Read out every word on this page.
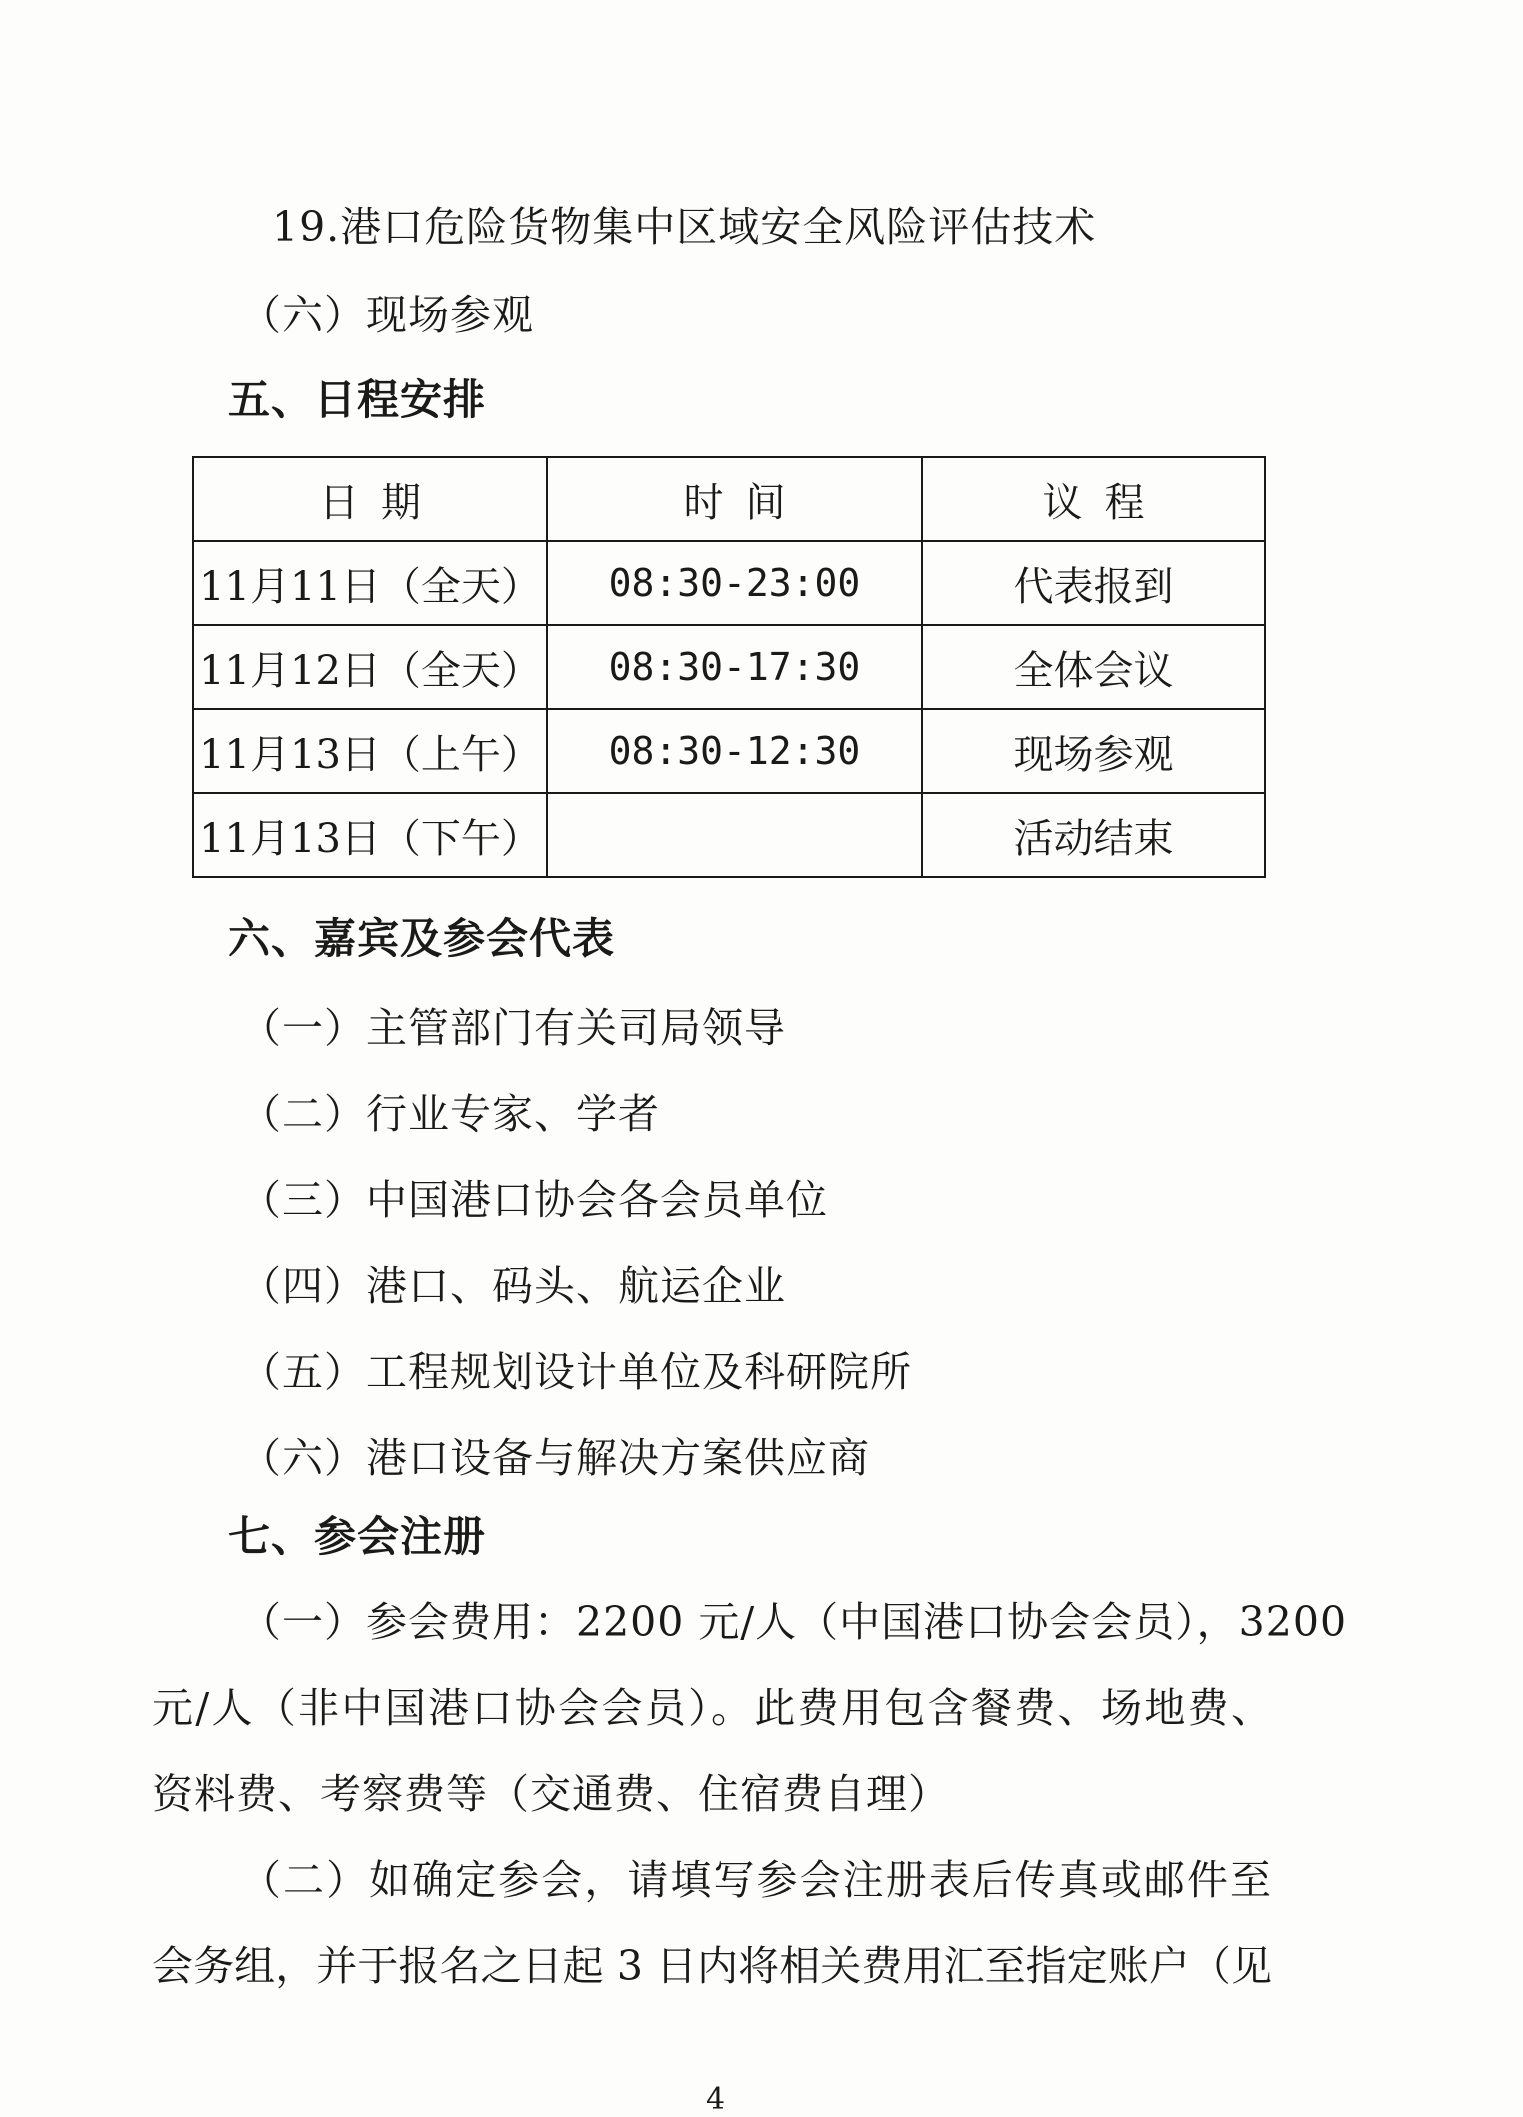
19.港口危险货物集中区域安全风险评估技术
（六）现场参观
五、日程安排
日期	时间	议程
11月11日（全天）	08:30-23:00	代表报到
11月12日（全天）	08:30-17:30	全体会议
11月13日（上午）	08:30-12:30	现场参观
11月13日（下午）		活动结束
六、嘉宾及参会代表
（一）主管部门有关司局领导
（二）行业专家、学者
（三）中国港口协会各会员单位
（四）港口、码头、航运企业
（五）工程规划设计单位及科研院所
（六）港口设备与解决方案供应商
七、参会注册
（一）参会费用：2200 元/人（中国港口协会会员），3200
元/人（非中国港口协会会员）。此费用包含餐费、场地费、
资料费、考察费等（交通费、住宿费自理）
（二）如确定参会，请填写参会注册表后传真或邮件至
会务组，并于报名之日起 3 日内将相关费用汇至指定账户（见
4
